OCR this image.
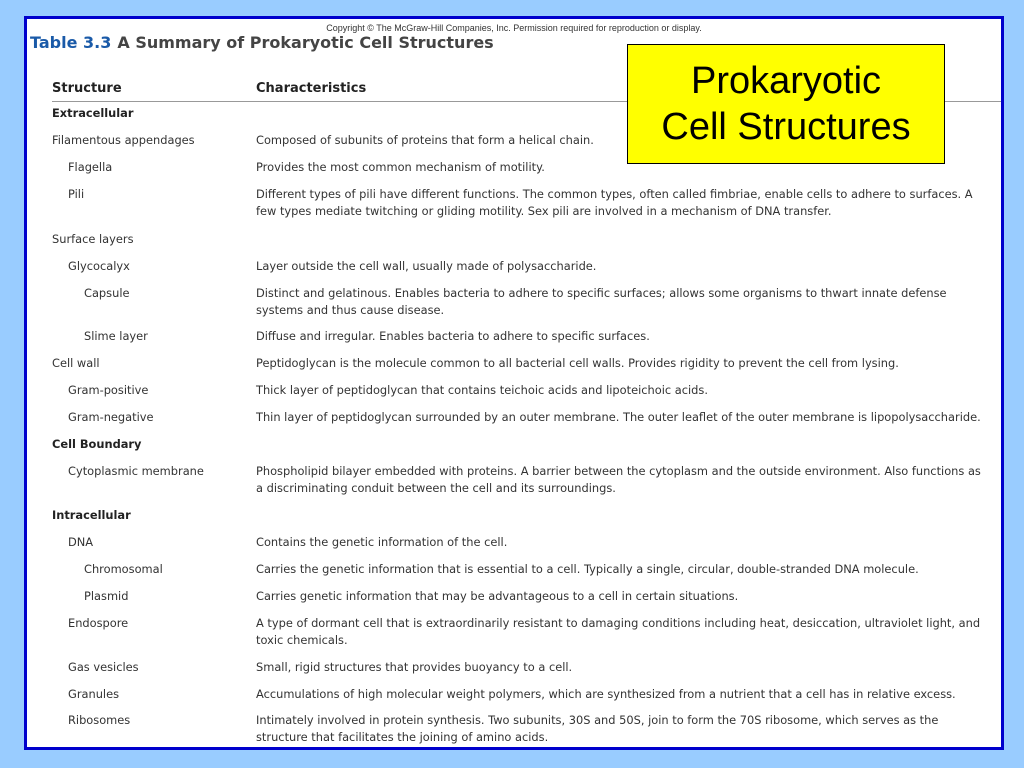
Copyright © The McGraw-Hill Companies, Inc. Permission required for reproduction or display.
Table 3.3 A Summary of Prokaryotic Cell Structures
Structure	Characteristics
Extracellular
Filamentous appendages	Composed of subunits of proteins that form a helical chain.
Flagella	Provides the most common mechanism of motility.
Pili	Different types of pili have different functions. The common types, often called fimbriae, enable cells to adhere to surfaces. A few types mediate twitching or gliding motility. Sex pili are involved in a mechanism of DNA transfer.
Surface layers
Glycocalyx	Layer outside the cell wall, usually made of polysaccharide.
Capsule	Distinct and gelatinous. Enables bacteria to adhere to specific surfaces; allows some organisms to thwart innate defense systems and thus cause disease.
Slime layer	Diffuse and irregular. Enables bacteria to adhere to specific surfaces.
Cell wall	Peptidoglycan is the molecule common to all bacterial cell walls. Provides rigidity to prevent the cell from lysing.
Gram-positive	Thick layer of peptidoglycan that contains teichoic acids and lipoteichoic acids.
Gram-negative	Thin layer of peptidoglycan surrounded by an outer membrane. The outer leaflet of the outer membrane is lipopolysaccharide.
Cell Boundary
Cytoplasmic membrane	Phospholipid bilayer embedded with proteins. A barrier between the cytoplasm and the outside environment. Also functions as a discriminating conduit between the cell and its surroundings.
Intracellular
DNA	Contains the genetic information of the cell.
Chromosomal	Carries the genetic information that is essential to a cell. Typically a single, circular, double-stranded DNA molecule.
Plasmid	Carries genetic information that may be advantageous to a cell in certain situations.
Endospore	A type of dormant cell that is extraordinarily resistant to damaging conditions including heat, desiccation, ultraviolet light, and toxic chemicals.
Gas vesicles	Small, rigid structures that provides buoyancy to a cell.
Granules	Accumulations of high molecular weight polymers, which are synthesized from a nutrient that a cell has in relative excess.
Ribosomes	Intimately involved in protein synthesis. Two subunits, 30S and 50S, join to form the 70S ribosome, which serves as the structure that facilitates the joining of amino acids.
Prokaryotic
Cell Structures
